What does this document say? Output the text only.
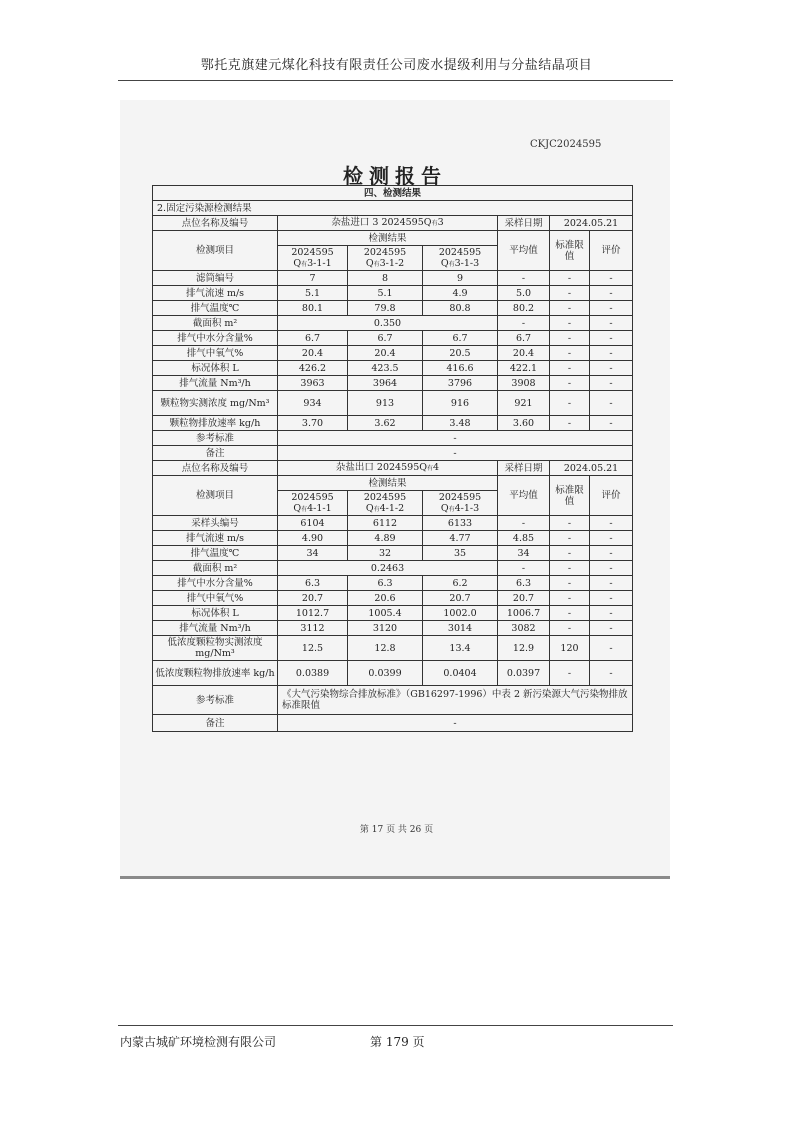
鄂托克旗建元煤化科技有限责任公司废水提级利用与分盐结晶项目
CKJC2024595
检测报告
四、检测结果						
2.固定污染源检测结果						
点位名称及编号	杂盐进口 3 2024595Q有3			采样日期	2024.05.21	
检测项目	检测结果			平均值	标准限值	评价
	2024595
Q有3-1-1	2024595
Q有3-1-2	2024595
Q有3-1-3			
滤筒编号	7	8	9	-	-	-
排气流速 m/s	5.1	5.1	4.9	5.0	-	-
排气温度℃	80.1	79.8	80.8	80.2	-	-
截面积 m²	0.350			-	-	-
排气中水分含量%	6.7	6.7	6.7	6.7	-	-
排气中氧气%	20.4	20.4	20.5	20.4	-	-
标况体积 L	426.2	423.5	416.6	422.1	-	-
排气流量 Nm³/h	3963	3964	3796	3908	-	-
颗粒物实测浓度 mg/Nm³	934	913	916	921	-	-
颗粒物排放速率 kg/h	3.70	3.62	3.48	3.60	-	-
参考标准	-					
备注	-					
点位名称及编号	杂盐出口 2024595Q有4			采样日期	2024.05.21	
检测项目	检测结果			平均值	标准限值	评价
	2024595
Q有4-1-1	2024595
Q有4-1-2	2024595
Q有4-1-3			
采样头编号	6104	6112	6133	-	-	-
排气流速 m/s	4.90	4.89	4.77	4.85	-	-
排气温度℃	34	32	35	34	-	-
截面积 m²	0.2463			-	-	-
排气中水分含量%	6.3	6.3	6.2	6.3	-	-
排气中氧气%	20.7	20.6	20.7	20.7	-	-
标况体积 L	1012.7	1005.4	1002.0	1006.7	-	-
排气流量 Nm³/h	3112	3120	3014	3082	-	-
低浓度颗粒物实测浓度 mg/Nm³	12.5	12.8	13.4	12.9	120	-
低浓度颗粒物排放速率 kg/h	0.0389	0.0399	0.0404	0.0397	-	-
参考标准	《大气污染物综合排放标准》（GB16297-1996）中表 2 新污染源大气污染物排放标准限值					
备注	-					
第 17 页 共 26 页
内蒙古城矿环境检测有限公司	第 179 页
